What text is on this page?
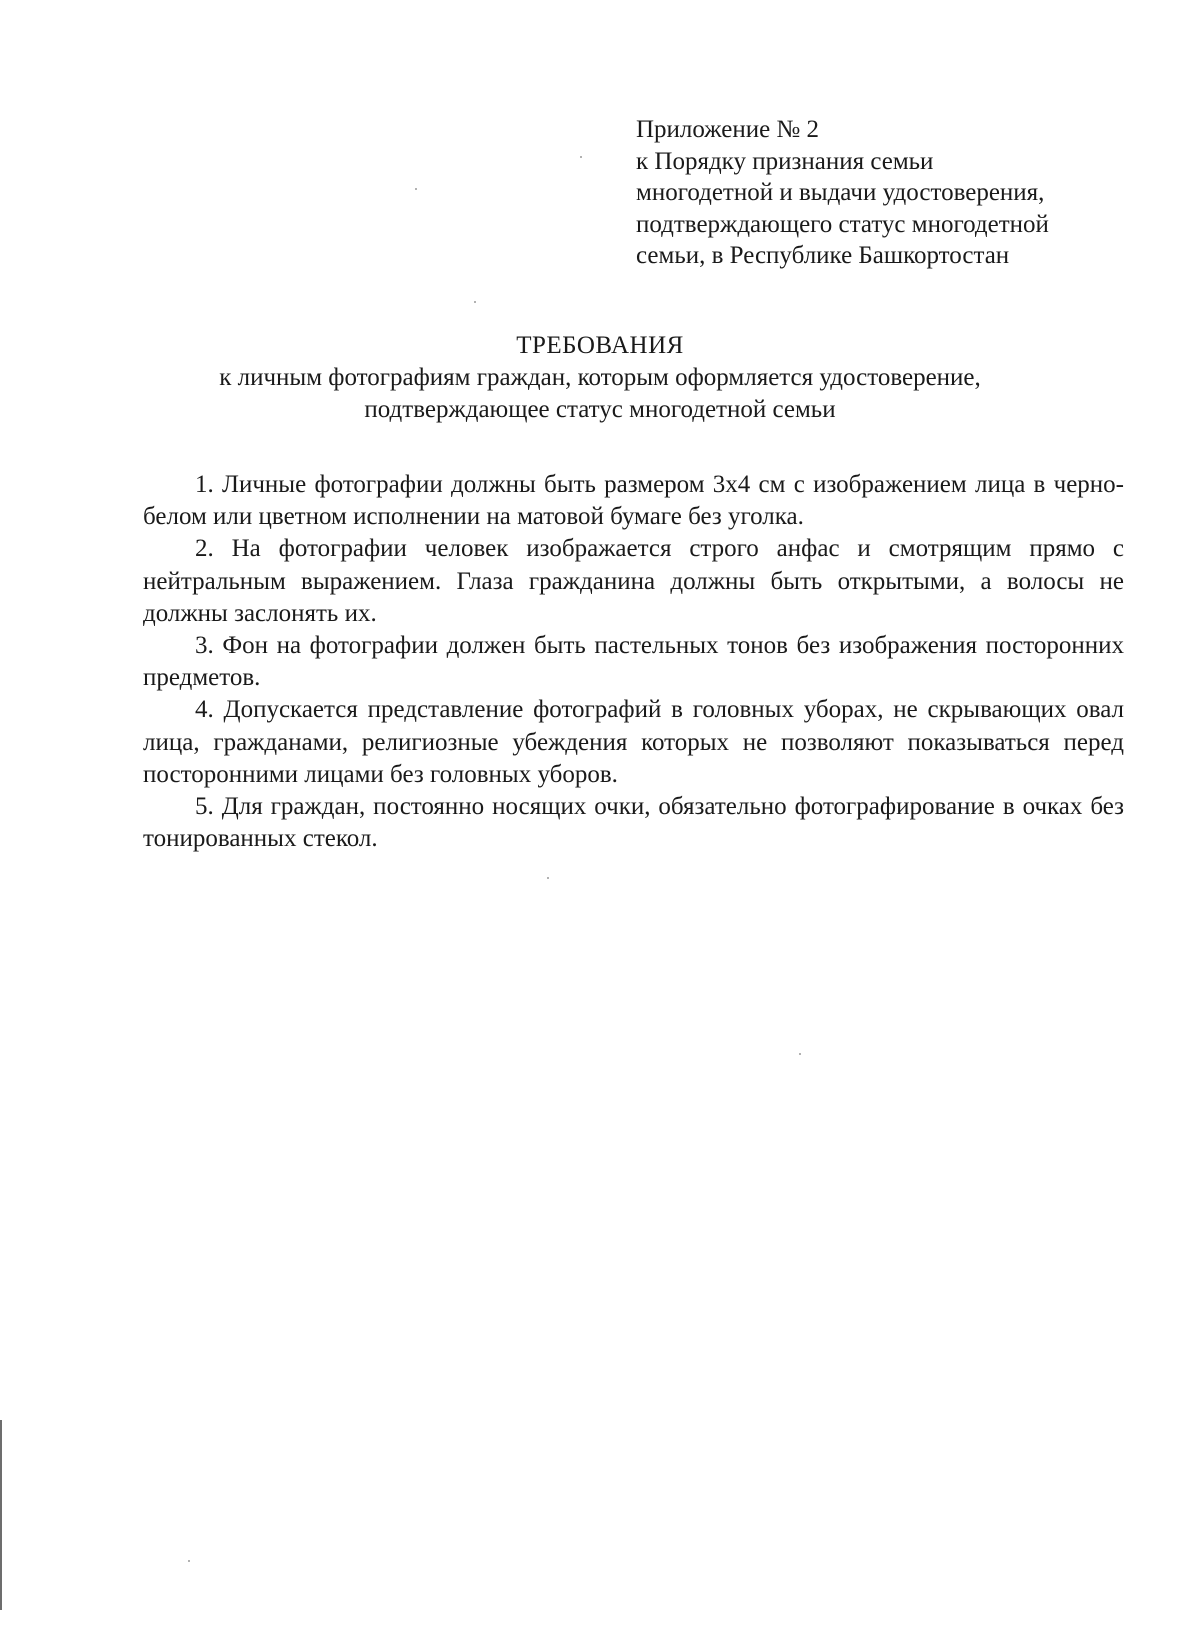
Приложение № 2
к Порядку признания семьи
многодетной и выдачи удостоверения,
подтверждающего статус многодетной
семьи, в Республике Башкортостан
ТРЕБОВАНИЯ
к личным фотографиям граждан, которым оформляется удостоверение,
подтверждающее статус многодетной семьи

1. Личные фотографии должны быть размером 3x4 см с изображением лица в черно-белом или цветном исполнении на матовой бумаге без уголка.

2. На фотографии человек изображается строго анфас и смотрящим прямо с нейтральным выражением. Глаза гражданина должны быть открытыми, а волосы не должны заслонять их.

3. Фон на фотографии должен быть пастельных тонов без изображения посторонних предметов.

4. Допускается представление фотографий в головных уборах, не скрывающих овал лица, гражданами, религиозные убеждения которых не позволяют показываться перед посторонними лицами без головных уборов.

5. Для граждан, постоянно носящих очки, обязательно фотографирование в очках без тонированных стекол.
